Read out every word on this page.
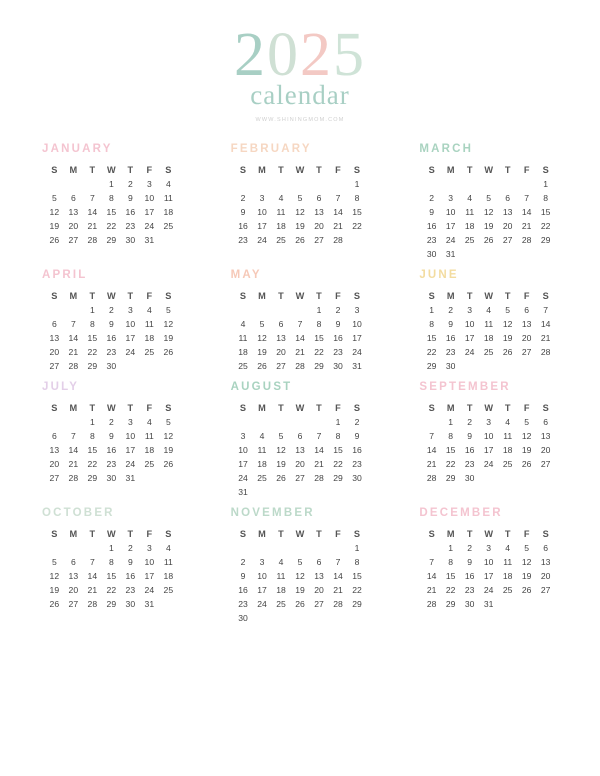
2025
calendar
WWW.SHININGMOM.COM
JANUARY
S	M	T	W	T	F	S
			1	2	3	4
5	6	7	8	9	10	11
12	13	14	15	16	17	18
19	20	21	22	23	24	25
26	27	28	29	30	31	
FEBRUARY
S	M	T	W	T	F	S
						1
2	3	4	5	6	7	8
9	10	11	12	13	14	15
16	17	18	19	20	21	22
23	24	25	26	27	28	
MARCH
S	M	T	W	T	F	S
						1
2	3	4	5	6	7	8
9	10	11	12	13	14	15
16	17	18	19	20	21	22
23	24	25	26	27	28	29
30	31					
APRIL
S	M	T	W	T	F	S
		1	2	3	4	5
6	7	8	9	10	11	12
13	14	15	16	17	18	19
20	21	22	23	24	25	26
27	28	29	30			
MAY
S	M	T	W	T	F	S
				1	2	3
4	5	6	7	8	9	10
11	12	13	14	15	16	17
18	19	20	21	22	23	24
25	26	27	28	29	30	31
JUNE
S	M	T	W	T	F	S
1	2	3	4	5	6	7
8	9	10	11	12	13	14
15	16	17	18	19	20	21
22	23	24	25	26	27	28
29	30					
JULY
S	M	T	W	T	F	S
		1	2	3	4	5
6	7	8	9	10	11	12
13	14	15	16	17	18	19
20	21	22	23	24	25	26
27	28	29	30	31		
AUGUST
S	M	T	W	T	F	S
					1	2
3	4	5	6	7	8	9
10	11	12	13	14	15	16
17	18	19	20	21	22	23
24	25	26	27	28	29	30
31						
SEPTEMBER
S	M	T	W	T	F	S
	1	2	3	4	5	6
7	8	9	10	11	12	13
14	15	16	17	18	19	20
21	22	23	24	25	26	27
28	29	30				
OCTOBER
S	M	T	W	T	F	S
			1	2	3	4
5	6	7	8	9	10	11
12	13	14	15	16	17	18
19	20	21	22	23	24	25
26	27	28	29	30	31	
NOVEMBER
S	M	T	W	T	F	S
						1
2	3	4	5	6	7	8
9	10	11	12	13	14	15
16	17	18	19	20	21	22
23	24	25	26	27	28	29
30						
DECEMBER
S	M	T	W	T	F	S
	1	2	3	4	5	6
7	8	9	10	11	12	13
14	15	16	17	18	19	20
21	22	23	24	25	26	27
28	29	30	31			
